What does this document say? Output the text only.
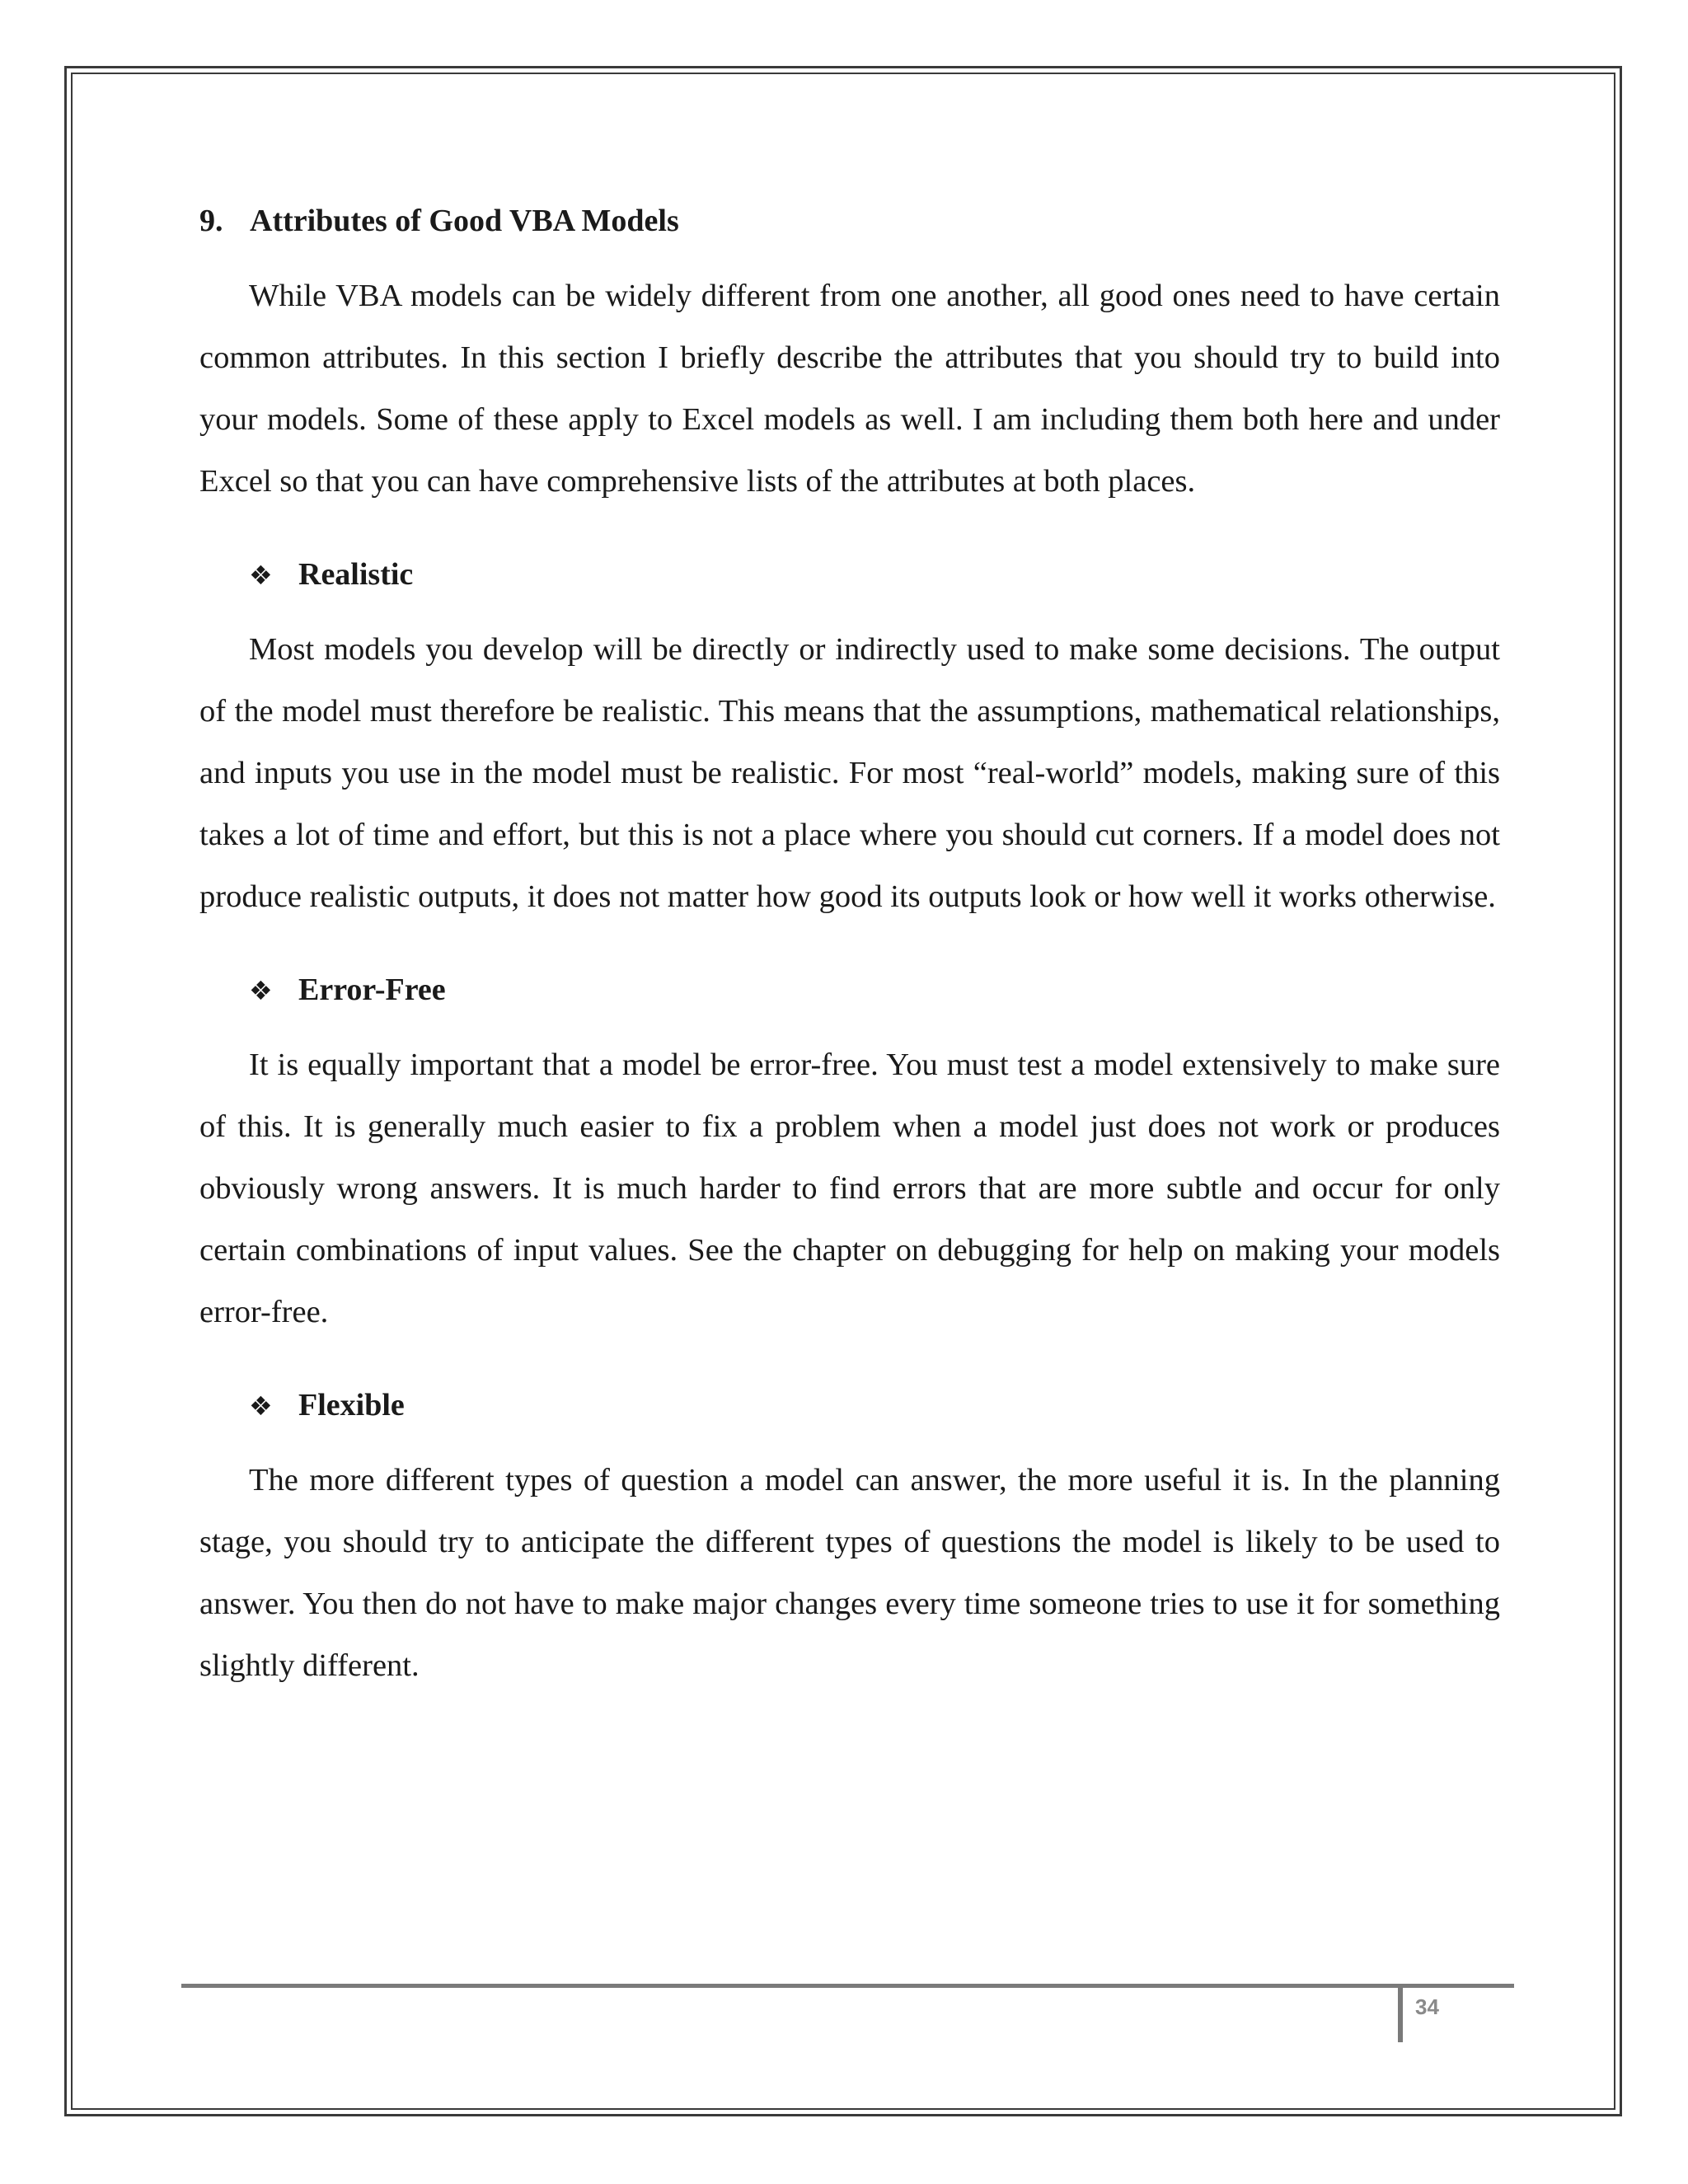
9. Attributes of Good VBA Models

While VBA models can be widely different from one another, all good ones need to have certain common attributes. In this section I briefly describe the attributes that you should try to build into your models. Some of these apply to Excel models as well. I am including them both here and under Excel so that you can have comprehensive lists of the attributes at both places.

❖ Realistic

Most models you develop will be directly or indirectly used to make some decisions. The output of the model must therefore be realistic. This means that the assumptions, mathematical relationships, and inputs you use in the model must be realistic. For most “real-world” models, making sure of this takes a lot of time and effort, but this is not a place where you should cut corners. If a model does not produce realistic outputs, it does not matter how good its outputs look or how well it works otherwise.

❖ Error-Free

It is equally important that a model be error-free. You must test a model extensively to make sure of this. It is generally much easier to fix a problem when a model just does not work or produces obviously wrong answers. It is much harder to find errors that are more subtle and occur for only certain combinations of input values. See the chapter on debugging for help on making your models error-free.

❖ Flexible

The more different types of question a model can answer, the more useful it is. In the planning stage, you should try to anticipate the different types of questions the model is likely to be used to answer. You then do not have to make major changes every time someone tries to use it for something slightly different.

34
